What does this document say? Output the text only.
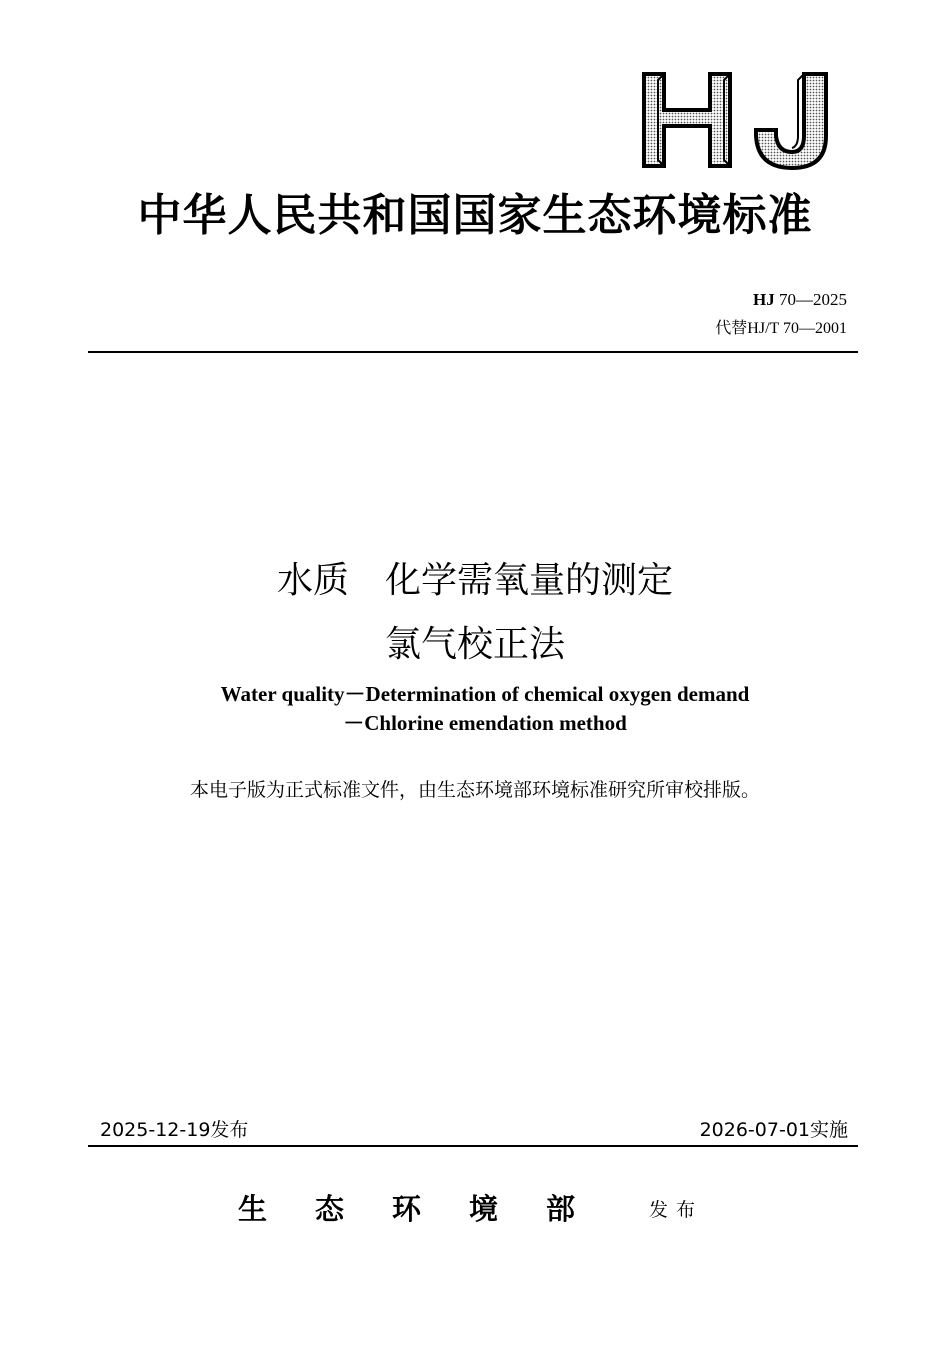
中华人民共和国国家生态环境标准
HJ 70—2025
代替HJ/T 70—2001
水质　化学需氧量的测定
氯气校正法
Water quality－Determination of chemical oxygen demand
－Chlorine emendation method
本电子版为正式标准文件，由生态环境部环境标准研究所审校排版。
2025-12-19发布	2026-07-01实施
生态环境部 发布
